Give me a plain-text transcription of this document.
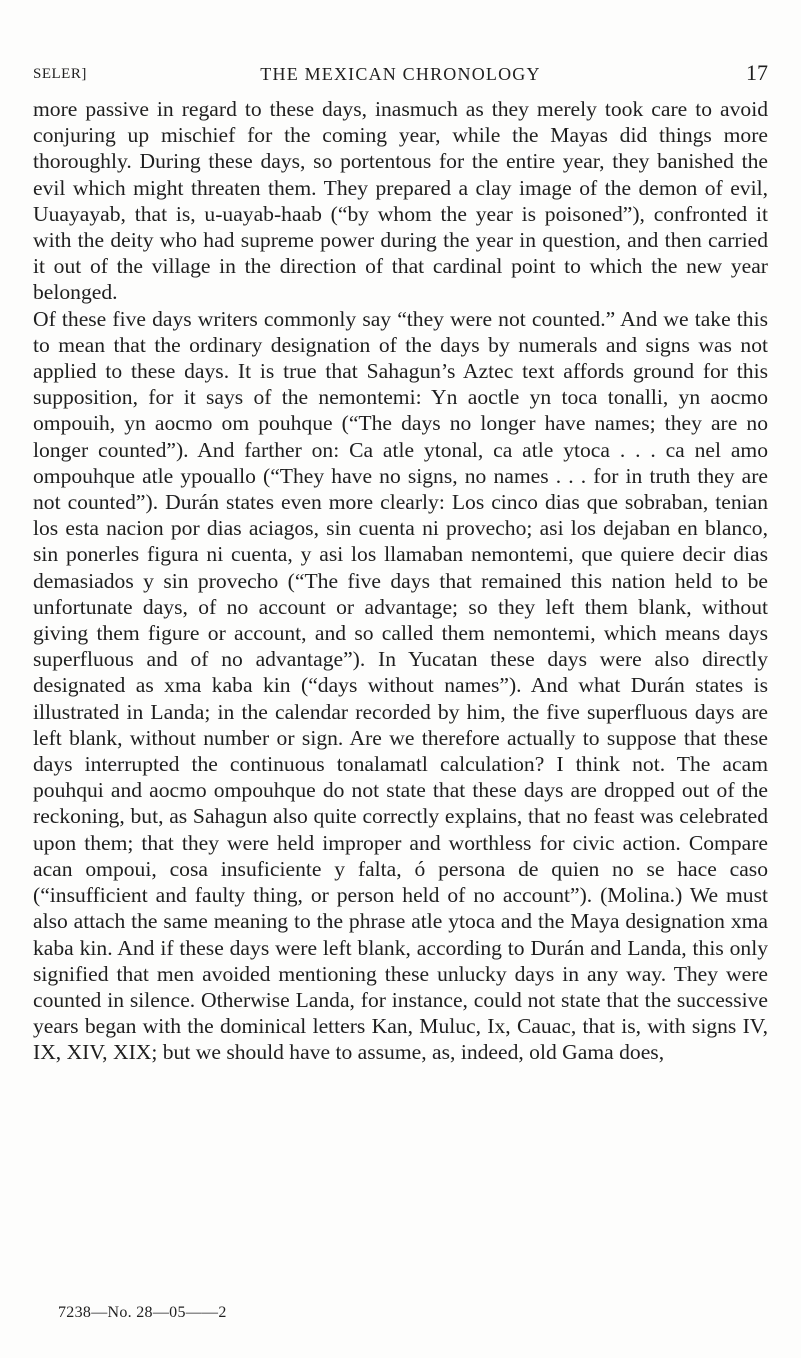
SELER]	THE MEXICAN CHRONOLOGY	17

more passive in regard to these days, inasmuch as they merely took care to avoid conjuring up mischief for the coming year, while the Mayas did things more thoroughly. During these days, so portentous for the entire year, they banished the evil which might threaten them. They prepared a clay image of the demon of evil, Uuayayab, that is, u-uayab-haab (“by whom the year is poisoned”), confronted it with the deity who had supreme power during the year in question, and then carried it out of the village in the direction of that cardinal point to which the new year belonged.

Of these five days writers commonly say “they were not counted.” And we take this to mean that the ordinary designation of the days by numerals and signs was not applied to these days. It is true that Sahagun’s Aztec text affords ground for this supposition, for it says of the nemontemi: Yn aoctle yn toca tonalli, yn aocmo ompouih, yn aocmo om pouhque (“The days no longer have names; they are no longer counted”). And farther on: Ca atle ytonal, ca atle ytoca . . . ca nel amo ompouhque atle ypouallo (“They have no signs, no names . . . for in truth they are not counted”). Durán states even more clearly: Los cinco dias que sobraban, tenian los esta nacion por dias aciagos, sin cuenta ni provecho; asi los dejaban en blanco, sin ponerles figura ni cuenta, y asi los llamaban nemontemi, que quiere decir dias demasiados y sin provecho (“The five days that remained this nation held to be unfortunate days, of no account or advantage; so they left them blank, without giving them figure or account, and so called them nemontemi, which means days superfluous and of no advantage”). In Yucatan these days were also directly designated as xma kaba kin (“days without names”). And what Durán states is illustrated in Landa; in the calendar recorded by him, the five superfluous days are left blank, without number or sign. Are we therefore actually to suppose that these days interrupted the continuous tonalamatl calculation? I think not. The acam pouhqui and aocmo ompouhque do not state that these days are dropped out of the reckoning, but, as Sahagun also quite correctly explains, that no feast was celebrated upon them; that they were held improper and worthless for civic action. Compare acan ompoui, cosa insuficiente y falta, ó persona de quien no se hace caso (“insufficient and faulty thing, or person held of no account”). (Molina.) We must also attach the same meaning to the phrase atle ytoca and the Maya designation xma kaba kin. And if these days were left blank, according to Durán and Landa, this only signified that men avoided mentioning these unlucky days in any way. They were counted in silence. Otherwise Landa, for instance, could not state that the successive years began with the dominical letters Kan, Muluc, Ix, Cauac, that is, with signs IV, IX, XIV, XIX; but we should have to assume, as, indeed, old Gama does,

7238—No. 28—05——2
